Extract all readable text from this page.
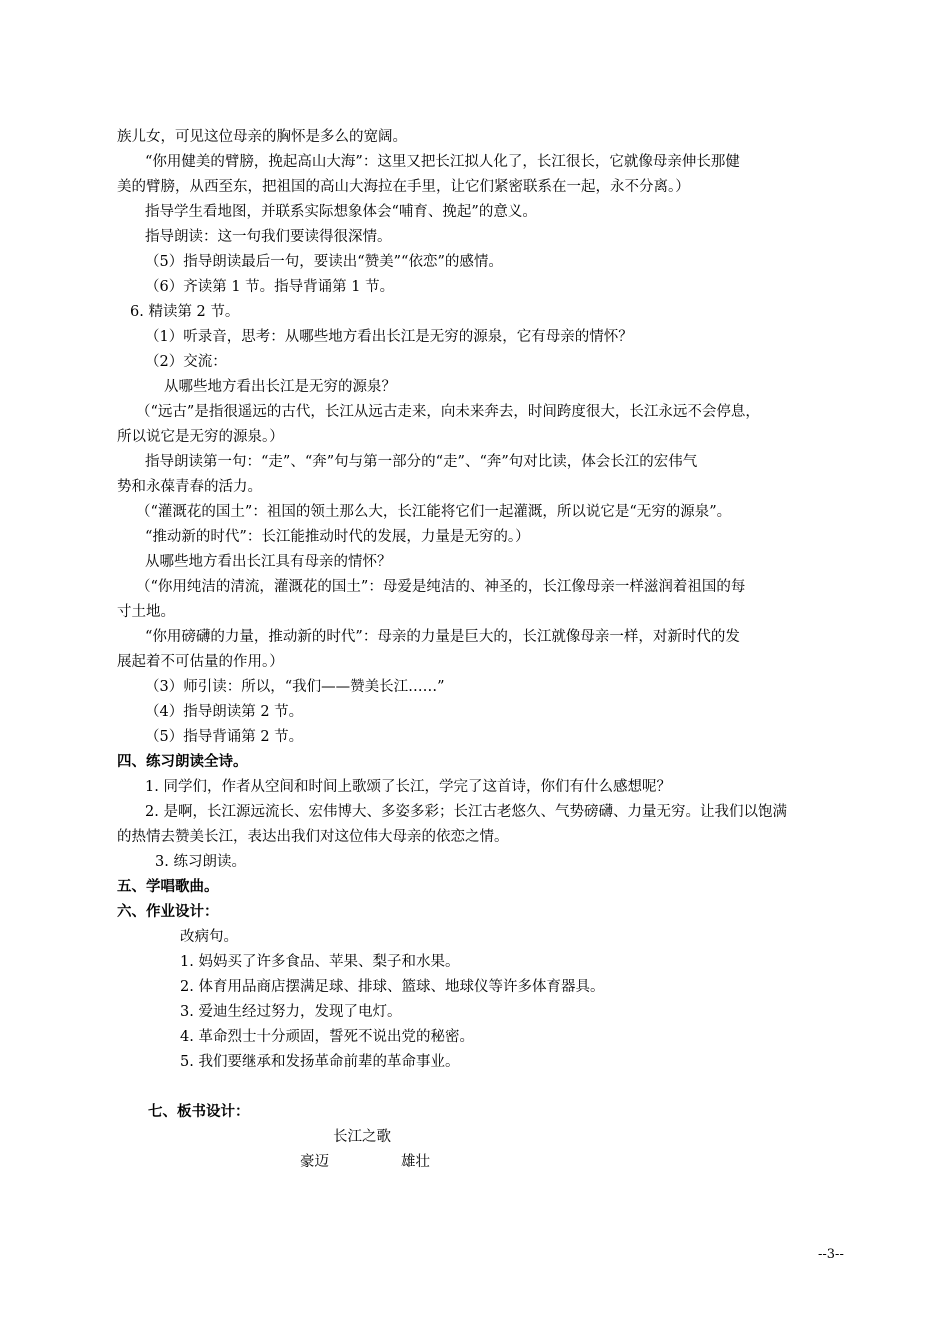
族儿女，可见这位母亲的胸怀是多么的宽阔。
“你用健美的臂膀，挽起高山大海”：这里又把长江拟人化了，长江很长，它就像母亲伸长那健
美的臂膀，从西至东，把祖国的高山大海拉在手里，让它们紧密联系在一起，永不分离。）
指导学生看地图，并联系实际想象体会“哺育、挽起”的意义。
指导朗读：这一句我们要读得很深情。
（5）指导朗读最后一句，要读出“赞美”“依恋”的感情。
（6）齐读第 1 节。指导背诵第 1 节。
6. 精读第 2 节。
（1）听录音，思考：从哪些地方看出长江是无穷的源泉，它有母亲的情怀？
（2）交流：
从哪些地方看出长江是无穷的源泉？
（“远古”是指很遥远的古代，长江从远古走来，向未来奔去，时间跨度很大，长江永远不会停息，
所以说它是无穷的源泉。）
指导朗读第一句：“走”、“奔”句与第一部分的“走”、“奔”句对比读，体会长江的宏伟气
势和永葆青春的活力。
（“灌溉花的国土”：祖国的领土那么大，长江能将它们一起灌溉，所以说它是“无穷的源泉”。
“推动新的时代”：长江能推动时代的发展，力量是无穷的。）
从哪些地方看出长江具有母亲的情怀？
（“你用纯洁的清流，灌溉花的国土”：母爱是纯洁的、神圣的，长江像母亲一样滋润着祖国的每
寸土地。
“你用磅礴的力量，推动新的时代”：母亲的力量是巨大的，长江就像母亲一样，对新时代的发
展起着不可估量的作用。）
（3）师引读：所以，“我们——赞美长江……”
（4）指导朗读第 2 节。
（5）指导背诵第 2 节。
四、练习朗读全诗。
1. 同学们，作者从空间和时间上歌颂了长江，学完了这首诗，你们有什么感想呢？
2. 是啊，长江源远流长、宏伟博大、多姿多彩；长江古老悠久、气势磅礴、力量无穷。让我们以饱满
的热情去赞美长江，表达出我们对这位伟大母亲的依恋之情。
3. 练习朗读。
五、学唱歌曲。
六、作业设计：
改病句。
1. 妈妈买了许多食品、苹果、梨子和水果。
2. 体育用品商店摆满足球、排球、篮球、地球仪等许多体育器具。
3. 爱迪生经过努力，发现了电灯。
4. 革命烈士十分顽固，誓死不说出党的秘密。
5. 我们要继承和发扬革命前辈的革命事业。
七、板书设计：
长江之歌
豪迈	雄壮
--3--
